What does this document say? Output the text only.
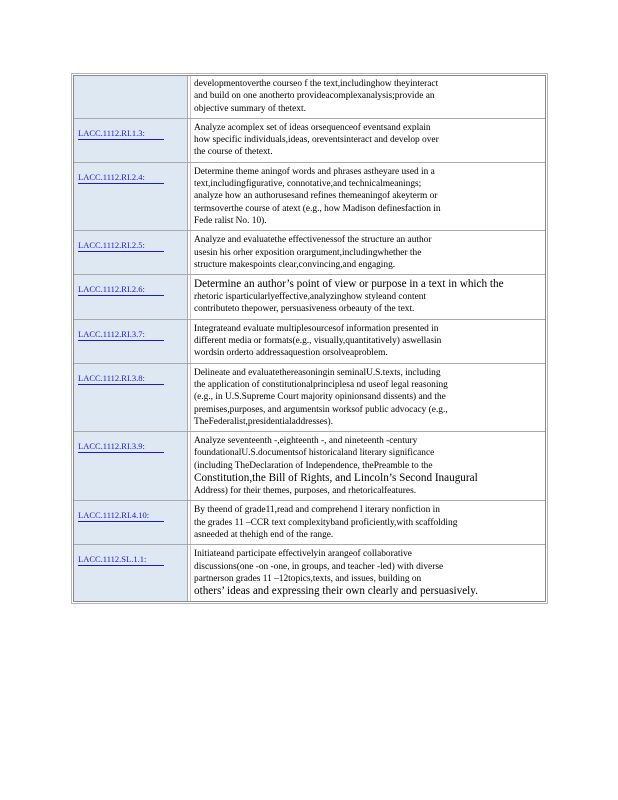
developmentoverthe courseo f the text,includinghow theyinteract

and build on one anotherto provideacomplexanalysis;provide an

objective summary of thetext.

LACC.1112.RI.1.3:	Analyze acomplex set of ideas orsequenceof eventsand explain

how specific individuals,ideas, oreventsinteract and develop over

the course of thetext.

LACC.1112.RI.2.4:	Determine theme aningof words and phrases astheyare used in a

text,includingfigurative, connotative,and technicalmeanings;

analyze how an authorusesand refines themeaningof akeyterm or

termsoverthe course of atext (e.g., how Madison definesfaction in

Fede ralist No. 10).

LACC.1112.RI.2.5:	Analyze and evaluatethe effectivenessof the structure an author

usesin his orher exposition orargument,includingwhether the

structure makespoints clear,convincing,and engaging.

LACC.1112.RI.2.6:	Determine an author’s point of view or purpose in a text in which the

rhetoric isparticularlyeffective,analyzinghow styleand content

contributeto thepower, persuasiveness orbeauty of the text.

LACC.1112.RI.3.7:	Integrateand evaluate multiplesourcesof information presented in

different media or formats(e.g., visually,quantitatively) aswellasin

wordsin orderto addressaquestion orsolveaproblem.

LACC.1112.RI.3.8:	Delineate and evaluatethereasoningin seminalU.S.texts, including

the application of constitutionalprinciplesa nd useof legal reasoning

(e.g., in U.S.Supreme Court majority opinionsand dissents) and the

premises,purposes, and argumentsin worksof public advocacy (e.g.,

TheFederalist,presidentialaddresses).

LACC.1112.RI.3.9:	Analyze seventeenth -,eighteenth -, and nineteenth -century

foundationalU.S.documentsof historicaland literary significance

(including TheDeclaration of Independence, thePreamble to the

Constitution,the Bill of Rights, and Lincoln’s Second Inaugural

Address) for their themes, purposes, and rhetoricalfeatures.

LACC.1112.RI.4.10:	By theend of grade11,read and comprehend l iterary nonfiction in

the grades 11 –CCR text complexityband proficiently,with scaffolding

asneeded at thehigh end of the range.

LACC.1112.SL.1.1:	Initiateand participate effectivelyin arangeof collaborative

discussions(one -on -one, in groups, and teacher -led) with diverse

partnerson grades 11 –12topics,texts, and issues, building on

others’ ideas and expressing their own clearly and persuasively.
